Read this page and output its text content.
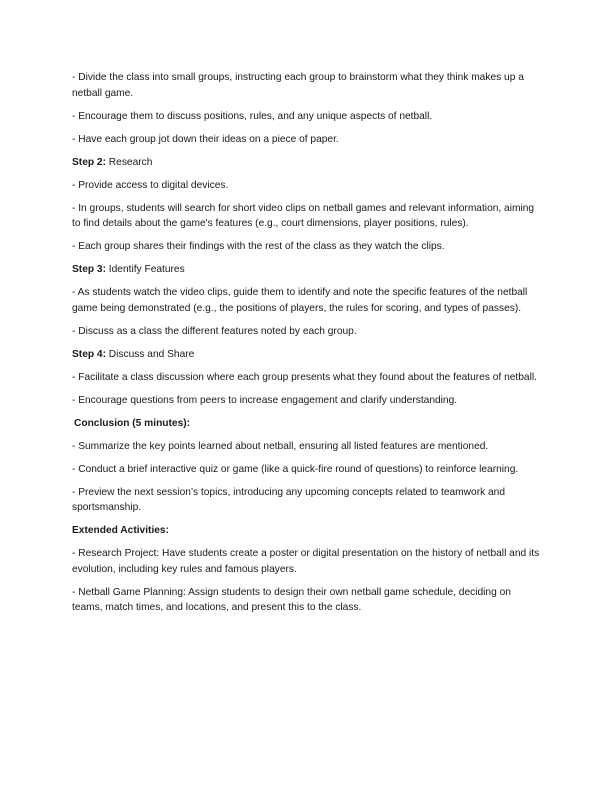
- Divide the class into small groups, instructing each group to brainstorm what they think makes up a netball game.

- Encourage them to discuss positions, rules, and any unique aspects of netball.

- Have each group jot down their ideas on a piece of paper.

Step 2: Research

- Provide access to digital devices.

- In groups, students will search for short video clips on netball games and relevant information, aiming to find details about the game's features (e.g., court dimensions, player positions, rules).

- Each group shares their findings with the rest of the class as they watch the clips.

Step 3: Identify Features

- As students watch the video clips, guide them to identify and note the specific features of the netball game being demonstrated (e.g., the positions of players, the rules for scoring, and types of passes).

- Discuss as a class the different features noted by each group.

Step 4: Discuss and Share

- Facilitate a class discussion where each group presents what they found about the features of netball.

- Encourage questions from peers to increase engagement and clarify understanding.

Conclusion (5 minutes):

- Summarize the key points learned about netball, ensuring all listed features are mentioned.

- Conduct a brief interactive quiz or game (like a quick-fire round of questions) to reinforce learning.

- Preview the next session’s topics, introducing any upcoming concepts related to teamwork and sportsmanship.

Extended Activities:

- Research Project: Have students create a poster or digital presentation on the history of netball and its evolution, including key rules and famous players.

- Netball Game Planning: Assign students to design their own netball game schedule, deciding on teams, match times, and locations, and present this to the class.
